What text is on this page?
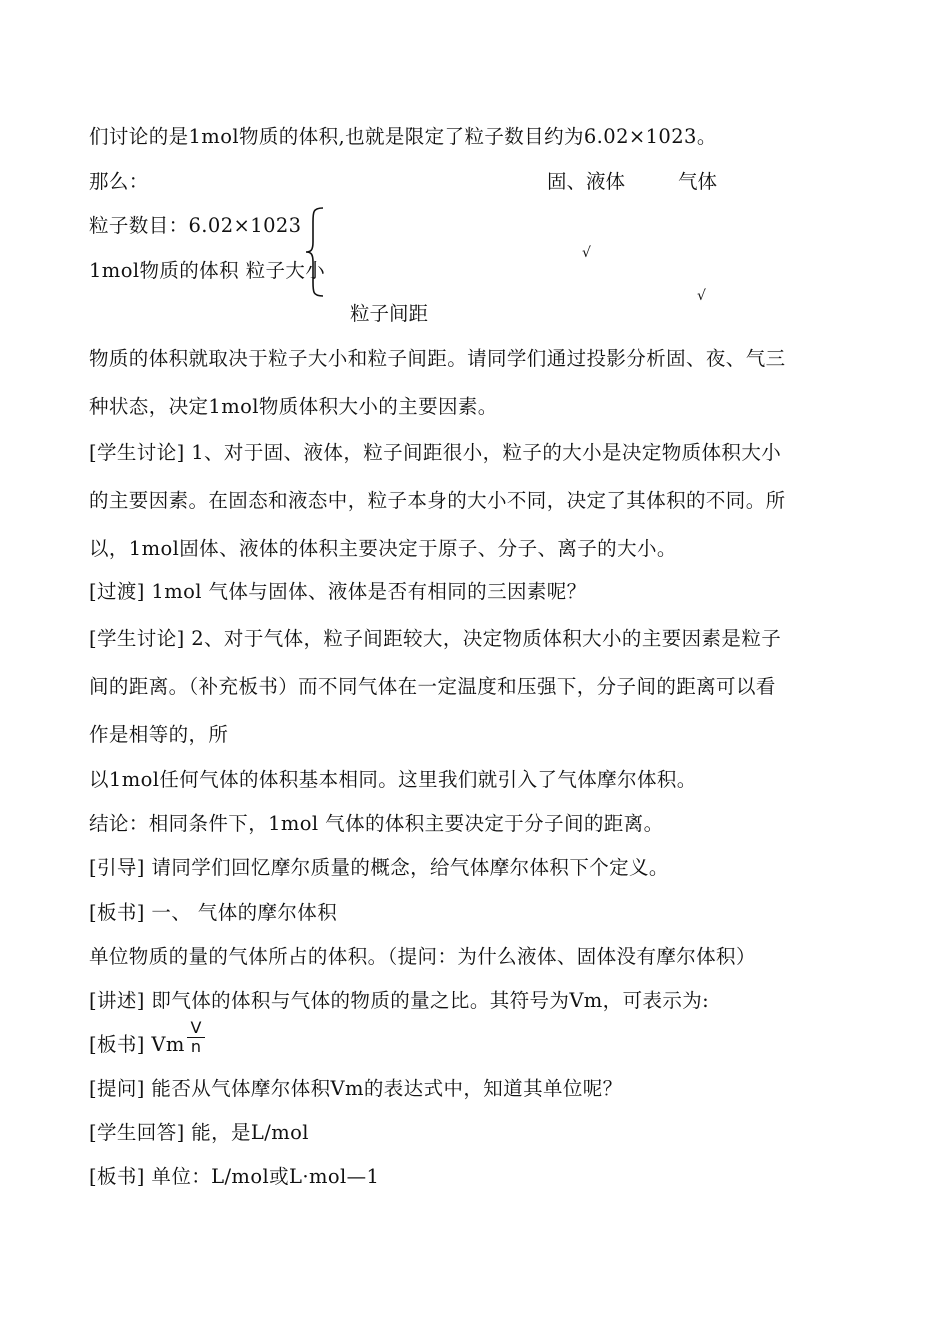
们讨论的是1mol物质的体积,也就是限定了粒子数目约为6.02×1023。
那么：	固、液体	气体
粒子数目：6.02×1023
1mol物质的体积 粒子大小
√
粒子间距
√
物质的体积就取决于粒子大小和粒子间距。请同学们通过投影分析固、夜、气三
种状态，决定1mol物质体积大小的主要因素。
[学生讨论] 1、对于固、液体，粒子间距很小，粒子的大小是决定物质体积大小
的主要因素。在固态和液态中，粒子本身的大小不同，决定了其体积的不同。所
以，1mol固体、液体的体积主要决定于原子、分子、离子的大小。
[过渡] 1mol 气体与固体、液体是否有相同的三因素呢？
[学生讨论] 2、对于气体，粒子间距较大，决定物质体积大小的主要因素是粒子
间的距离。（补充板书）而不同气体在一定温度和压强下，分子间的距离可以看
作是相等的，所
以1mol任何气体的体积基本相同。这里我们就引入了气体摩尔体积。
结论：相同条件下，1mol 气体的体积主要决定于分子间的距离。
[引导] 请同学们回忆摩尔质量的概念，给气体摩尔体积下个定义。
[板书] 一、 气体的摩尔体积
单位物质的量的气体所占的体积。（提问：为什么液体、固体没有摩尔体积）
[讲述] 即气体的体积与气体的物质的量之比。其符号为Vm，可表示为:
[板书] Vm
V
n
[提问] 能否从气体摩尔体积Vm的表达式中，知道其单位呢？
[学生回答] 能，是L/mol
[板书] 单位：L/mol或L·mol—1
